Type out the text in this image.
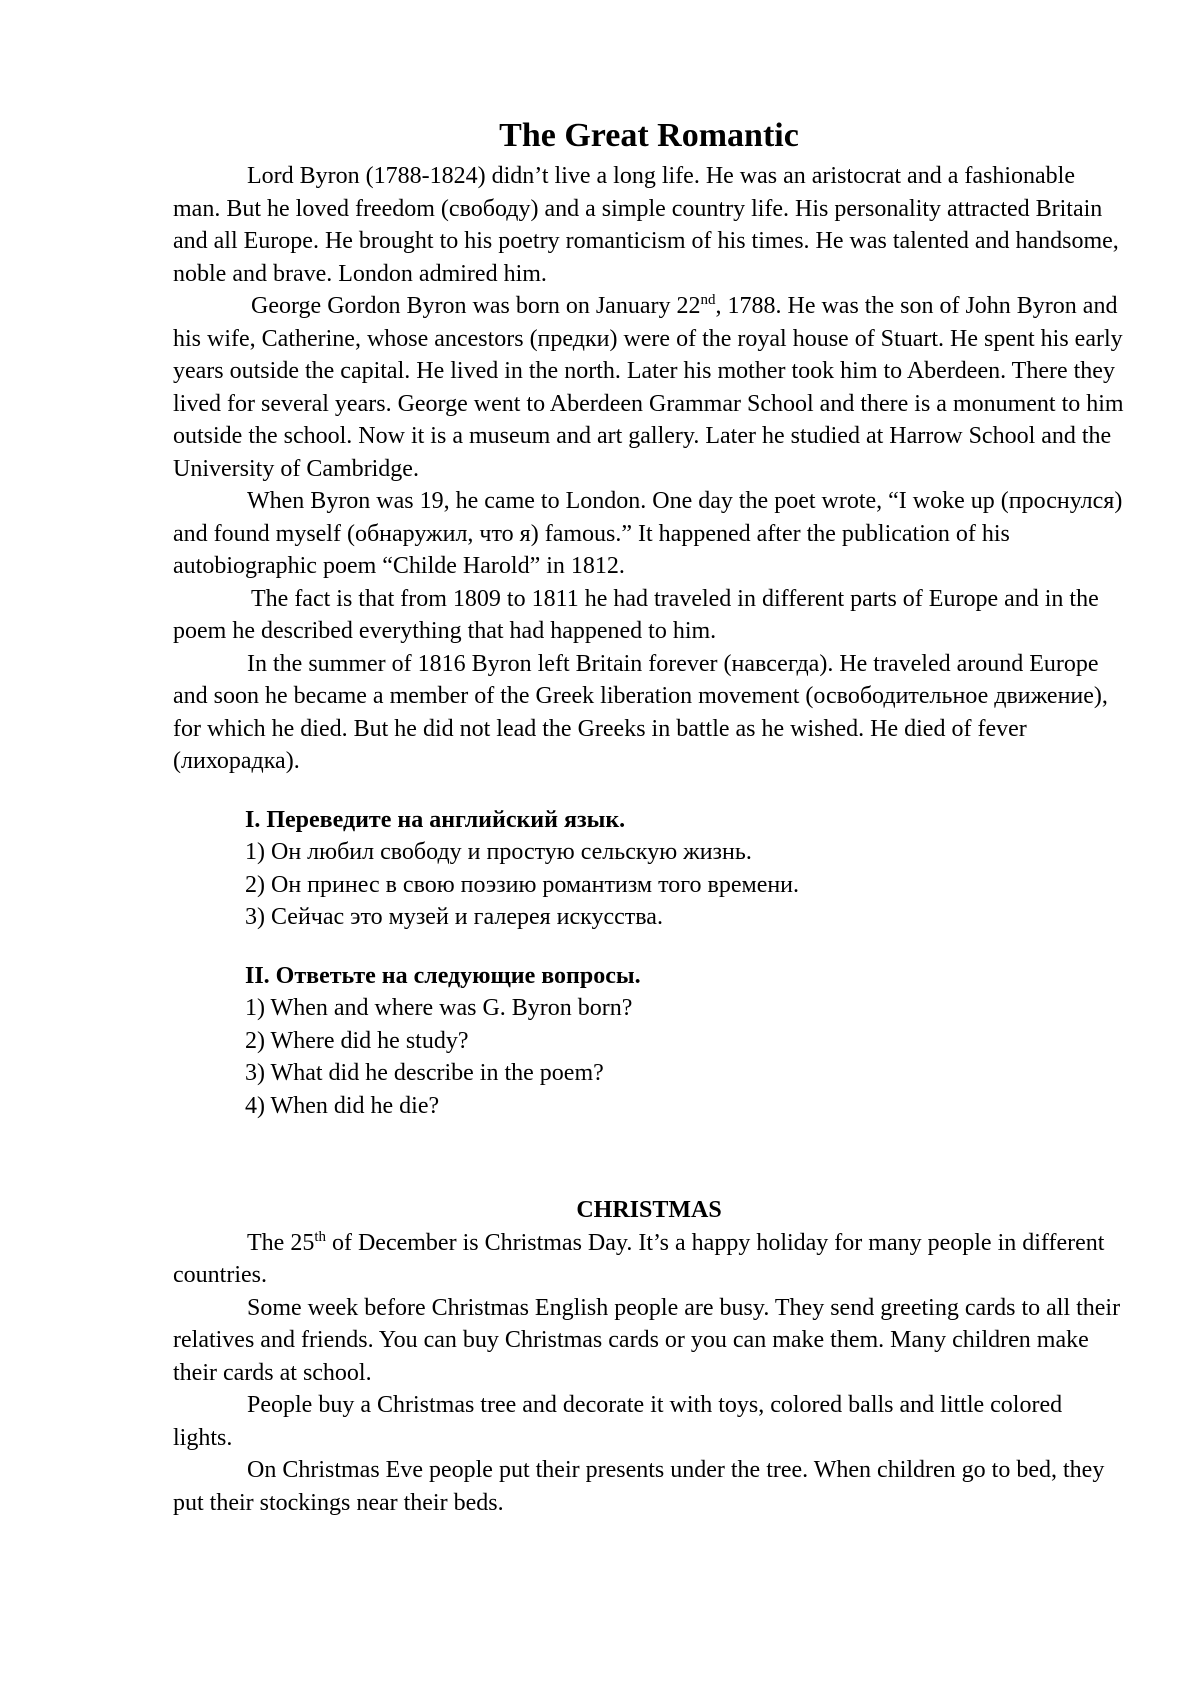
The Great Romantic

Lord Byron (1788-1824) didn’t live a long life. He was an aristocrat and a fashionable man. But he loved freedom (свободу) and a simple country life. His personality attracted Britain and all Europe. He brought to his poetry romanticism of his times. He was talented and handsome, noble and brave. London admired him.

George Gordon Byron was born on January 22nd, 1788. He was the son of John Byron and his wife, Catherine, whose ancestors (предки) were of the royal house of Stuart. He spent his early years outside the capital. He lived in the north. Later his mother took him to Aberdeen. There they lived for several years. George went to Aberdeen Grammar School and there is a monument to him outside the school. Now it is a museum and art gallery. Later he studied at Harrow School and the University of Cambridge.

When Byron was 19, he came to London. One day the poet wrote, “I woke up (проснулся) and found myself (обнаружил, что я) famous.” It happened after the publication of his autobiographic poem “Childe Harold” in 1812.

The fact is that from 1809 to 1811 he had traveled in different parts of Europe and in the poem he described everything that had happened to him.

In the summer of 1816 Byron left Britain forever (навсегда). He traveled around Europe and soon he became a member of the Greek liberation movement (освободительное движение), for which he died. But he did not lead the Greeks in battle as he wished. He died of fever (лихорадка).

I. Переведите на английский язык.
1) Он любил свободу и простую сельскую жизнь.
2) Он принес в свою поэзию романтизм того времени.
3) Сейчас это музей и галерея искусства.
II. Ответьте на следующие вопросы.
1) When and where was G. Byron born?
2) Where did he study?
3) What did he describe in the poem?
4) When did he die?
CHRISTMAS

The 25th of December is Christmas Day. It’s a happy holiday for many people in different countries.

Some week before Christmas English people are busy. They send greeting cards to all their relatives and friends. You can buy Christmas cards or you can make them. Many children make their cards at school.

People buy a Christmas tree and decorate it with toys, colored balls and little colored lights.

On Christmas Eve people put their presents under the tree. When children go to bed, they put their stockings near their beds.
